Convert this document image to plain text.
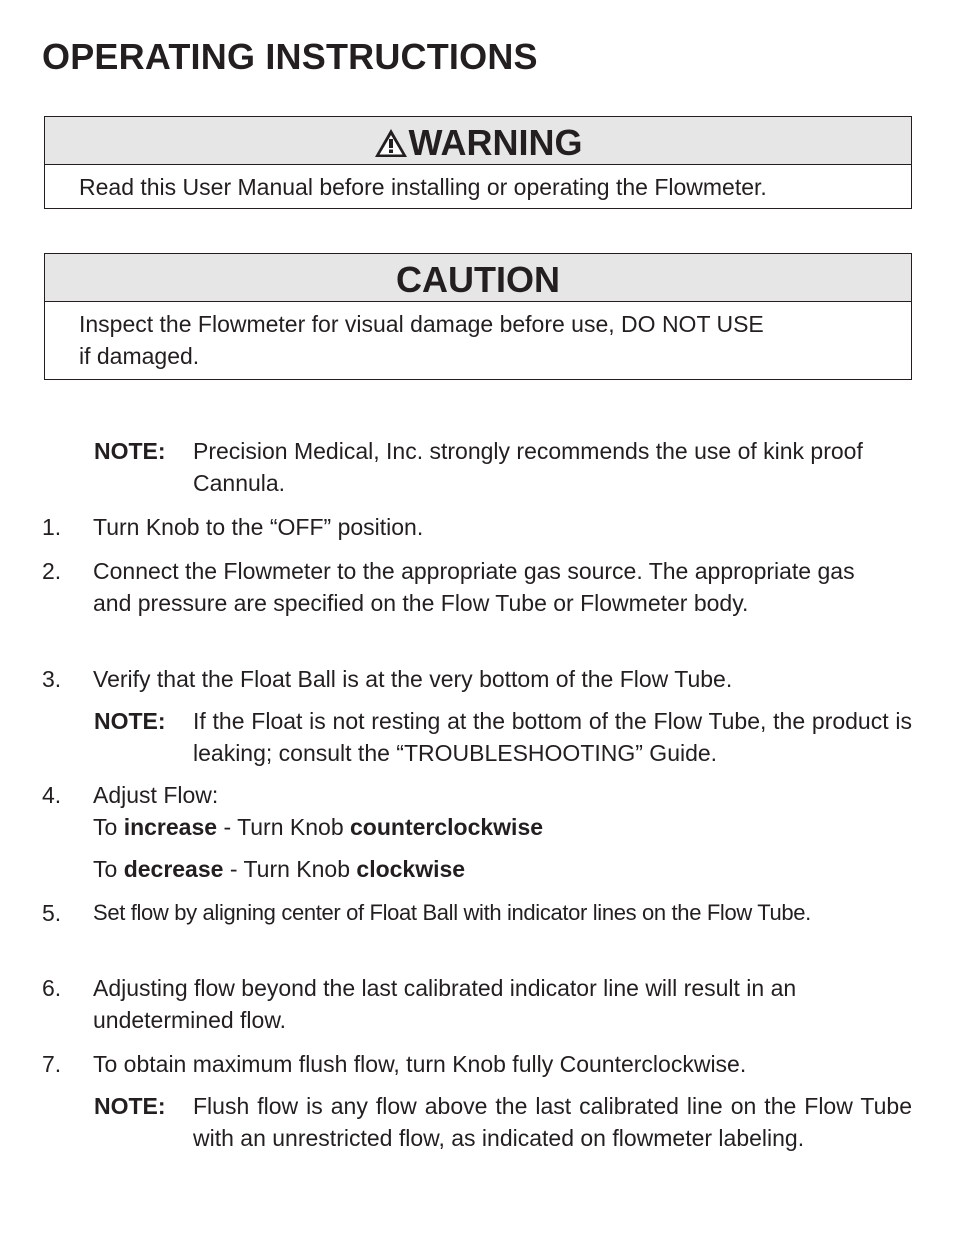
OPERATING INSTRUCTIONS
WARNING
Read this User Manual before installing or operating the Flowmeter.
CAUTION
Inspect the Flowmeter for visual damage before use, DO NOT USE
if damaged.
NOTE: Precision Medical, Inc. strongly recommends the use of kink proof Cannula.
1. Turn Knob to the “OFF” position.
2. Connect the Flowmeter to the appropriate gas source. The appropriate gas and pressure are specified on the Flow Tube or Flowmeter body.
3. Verify that the Float Ball is at the very bottom of the Flow Tube.
NOTE: If the Float is not resting at the bottom of the Flow Tube, the product is leaking; consult the “TROUBLESHOOTING” Guide.
4. Adjust Flow:
To increase - Turn Knob counterclockwise
To decrease - Turn Knob clockwise
5. Set flow by aligning center of Float Ball with indicator lines on the Flow Tube.
6. Adjusting flow beyond the last calibrated indicator line will result in an undetermined flow.
7. To obtain maximum flush flow, turn Knob fully Counterclockwise.
NOTE: Flush flow is any flow above the last calibrated line on the Flow Tube with an unrestricted flow, as indicated on flowmeter labeling.
